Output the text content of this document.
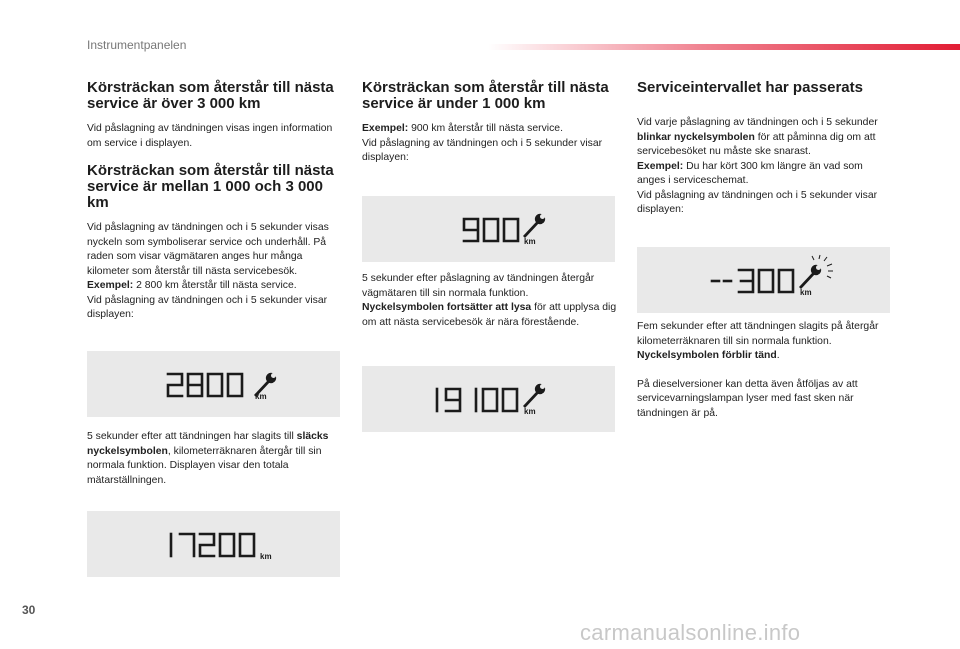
Instrumentpanelen
Körsträckan som återstår till nästa service är över 3 000 km

Vid påslagning av tändningen visas ingen information om service i displayen.

Körsträckan som återstår till nästa service är mellan 1 000 och 3 000 km

Vid påslagning av tändningen och i 5 sekunder visas nyckeln som symboliserar service och underhåll. På raden som visar vägmätaren anges hur många kilometer som återstår till nästa servicebesök.

Exempel: 2 800 km återstår till nästa service.

Vid påslagning av tändningen och i 5 sekunder visar displayen:

km

5 sekunder efter att tändningen har slagits till släcks nyckelsymbolen, kilometerräknaren återgår till sin normala funktion. Displayen visar den totala mätarställningen.

km
Körsträckan som återstår till nästa service är under 1 000 km

Exempel: 900 km återstår till nästa service.

Vid påslagning av tändningen och i 5 sekunder visar displayen:

km

5 sekunder efter påslagning av tändningen återgår vägmätaren till sin normala funktion.

Nyckelsymbolen fortsätter att lysa för att upplysa dig om att nästa servicebesök är nära förestående.

km
Serviceintervallet har passerats

Vid varje påslagning av tändningen och i 5 sekunder blinkar nyckelsymbolen för att påminna dig om att servicebesöket nu måste ske snarast.

Exempel: Du har kört 300 km längre än vad som anges i serviceschemat.

Vid påslagning av tändningen och i 5 sekunder visar displayen:

km

Fem sekunder efter att tändningen slagits på återgår kilometerräknaren till sin normala funktion. Nyckelsymbolen förblir tänd.

På dieselversioner kan detta även åtföljas av att servicevarningslampan lyser med fast sken när tändningen är på.

30
carmanualsonline.info
